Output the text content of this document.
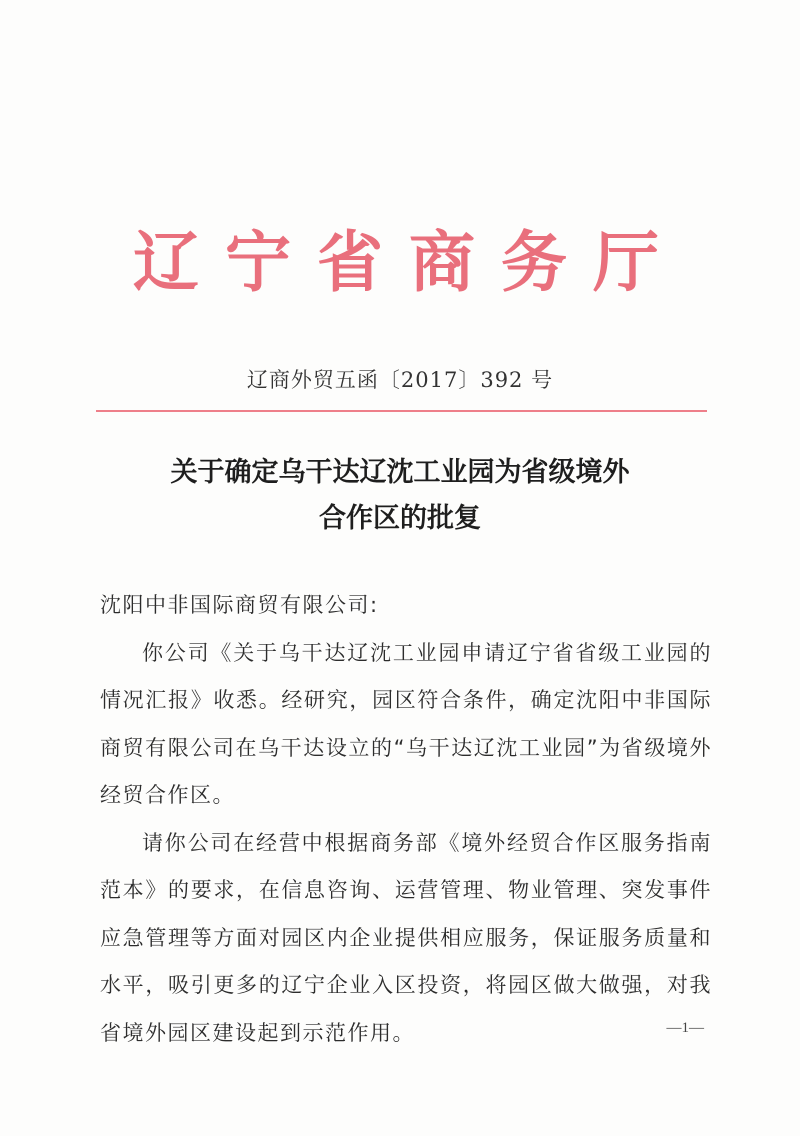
辽宁省商务厅
辽商外贸五函〔2017〕392 号
关于确定乌干达辽沈工业园为省级境外
合作区的批复

沈阳中非国际商贸有限公司:

你公司《关于乌干达辽沈工业园申请辽宁省省级工业园的情况汇报》收悉。经研究，园区符合条件，确定沈阳中非国际商贸有限公司在乌干达设立的“乌干达辽沈工业园”为省级境外经贸合作区。

请你公司在经营中根据商务部《境外经贸合作区服务指南范本》的要求，在信息咨询、运营管理、物业管理、突发事件应急管理等方面对园区内企业提供相应服务，保证服务质量和水平，吸引更多的辽宁企业入区投资，将园区做大做强，对我省境外园区建设起到示范作用。	—1—
